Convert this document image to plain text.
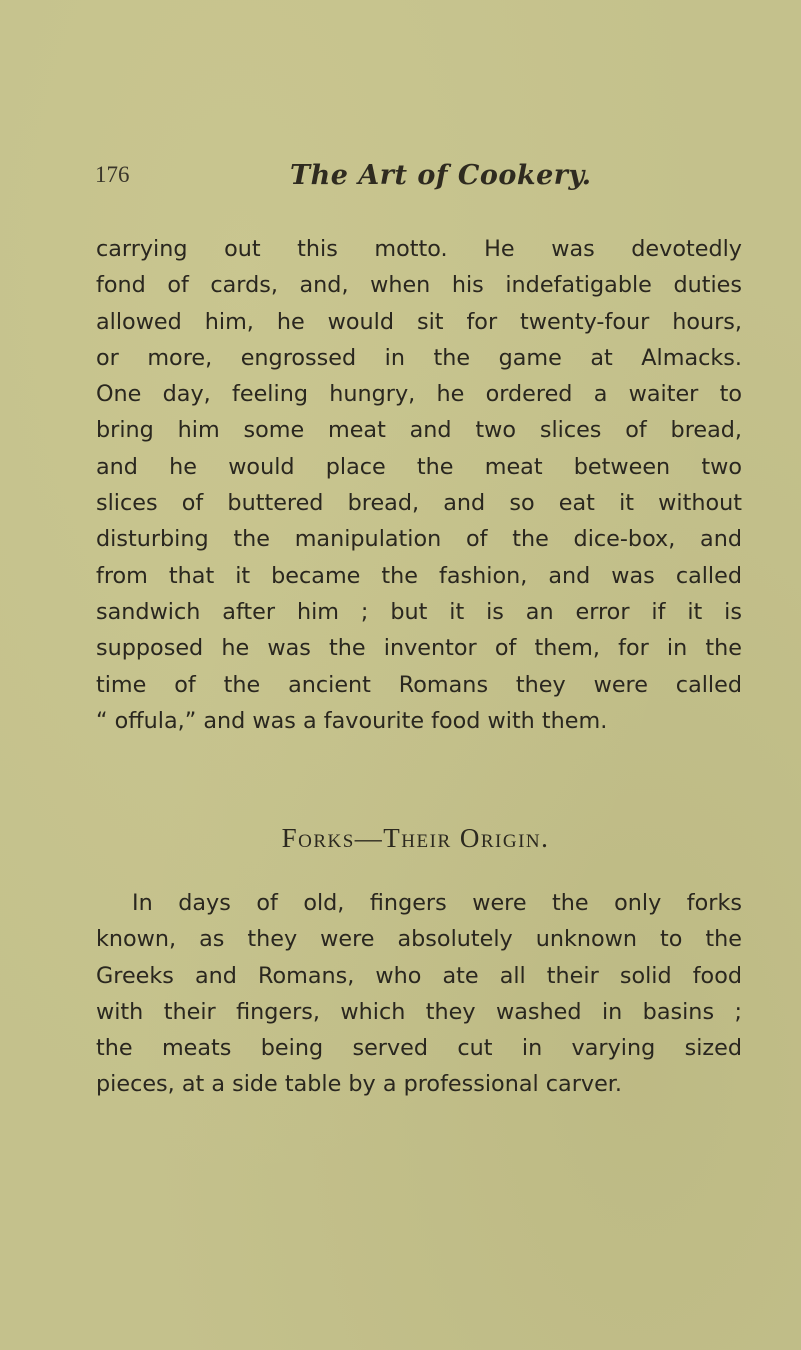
176	The Art of Cookery.
carrying out this motto. He was devotedly
fond of cards, and, when his indefatigable duties
allowed him, he would sit for twenty-four hours,
or more, engrossed in the game at Almacks.
One day, feeling hungry, he ordered a waiter to
bring him some meat and two slices of bread,
and he would place the meat between two
slices of buttered bread, and so eat it without
disturbing the manipulation of the dice-box, and
from that it became the fashion, and was called
sandwich after him ; but it is an error if it is
supposed he was the inventor of them, for in the
time of the ancient Romans they were called
“ offula,” and was a favourite food with them.
Forks—Their Origin.
In days of old, fingers were the only forks
known, as they were absolutely unknown to the
Greeks and Romans, who ate all their solid food
with their fingers, which they washed in basins ;
the meats being served cut in varying sized
pieces, at a side table by a professional carver.
